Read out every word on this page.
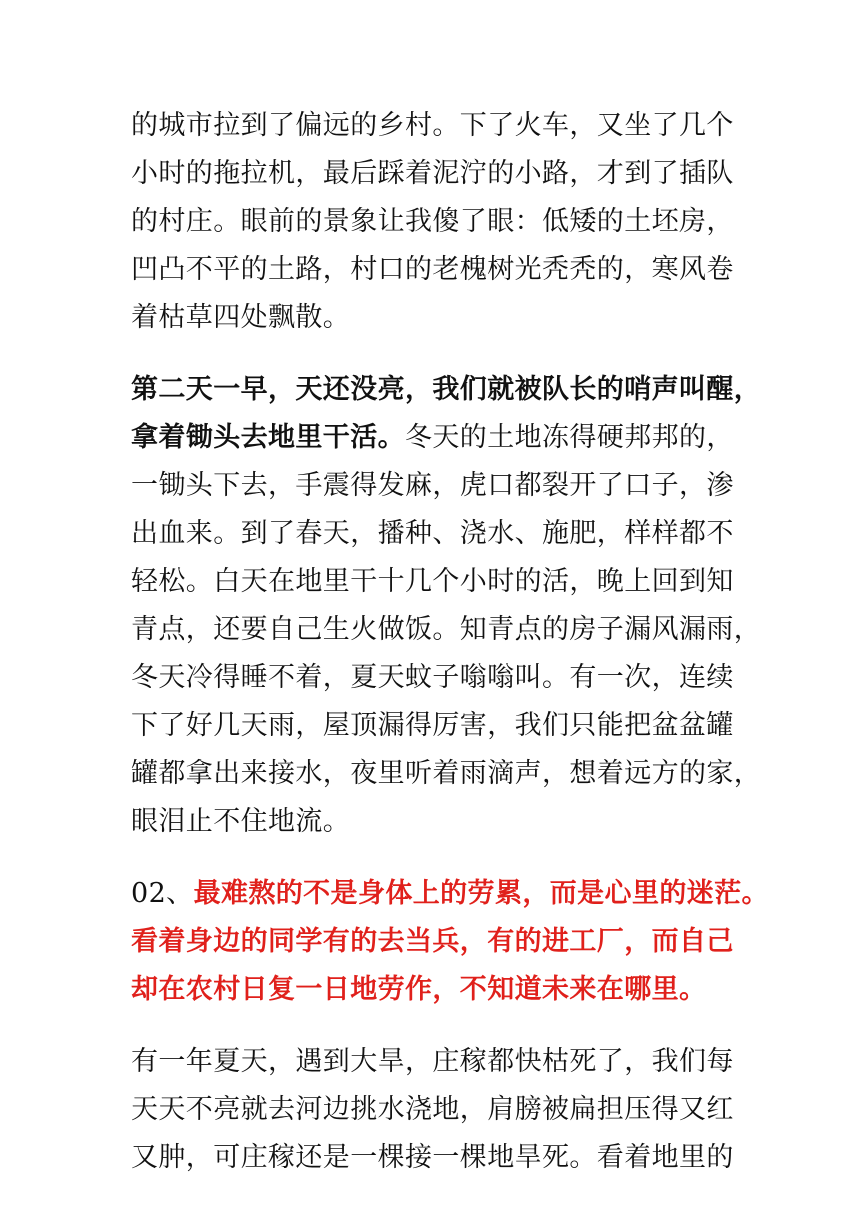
的城市拉到了偏远的乡村。下了火车，又坐了几个
小时的拖拉机，最后踩着泥泞的小路，才到了插队
的村庄。眼前的景象让我傻了眼：低矮的土坯房，
凹凸不平的土路，村口的老槐树光秃秃的，寒风卷
着枯草四处飘散。
第二天一早，天还没亮，我们就被队长的哨声叫醒，
拿着锄头去地里干活。冬天的土地冻得硬邦邦的，
一锄头下去，手震得发麻，虎口都裂开了口子，渗
出血来。到了春天，播种、浇水、施肥，样样都不
轻松。白天在地里干十几个小时的活，晚上回到知
青点，还要自己生火做饭。知青点的房子漏风漏雨，
冬天冷得睡不着，夏天蚊子嗡嗡叫。有一次，连续
下了好几天雨，屋顶漏得厉害，我们只能把盆盆罐
罐都拿出来接水，夜里听着雨滴声，想着远方的家，
眼泪止不住地流。
02、最难熬的不是身体上的劳累，而是心里的迷茫。
看着身边的同学有的去当兵，有的进工厂，而自己
却在农村日复一日地劳作，不知道未来在哪里。
有一年夏天，遇到大旱，庄稼都快枯死了，我们每
天天不亮就去河边挑水浇地，肩膀被扁担压得又红
又肿，可庄稼还是一棵接一棵地旱死。看着地里的
